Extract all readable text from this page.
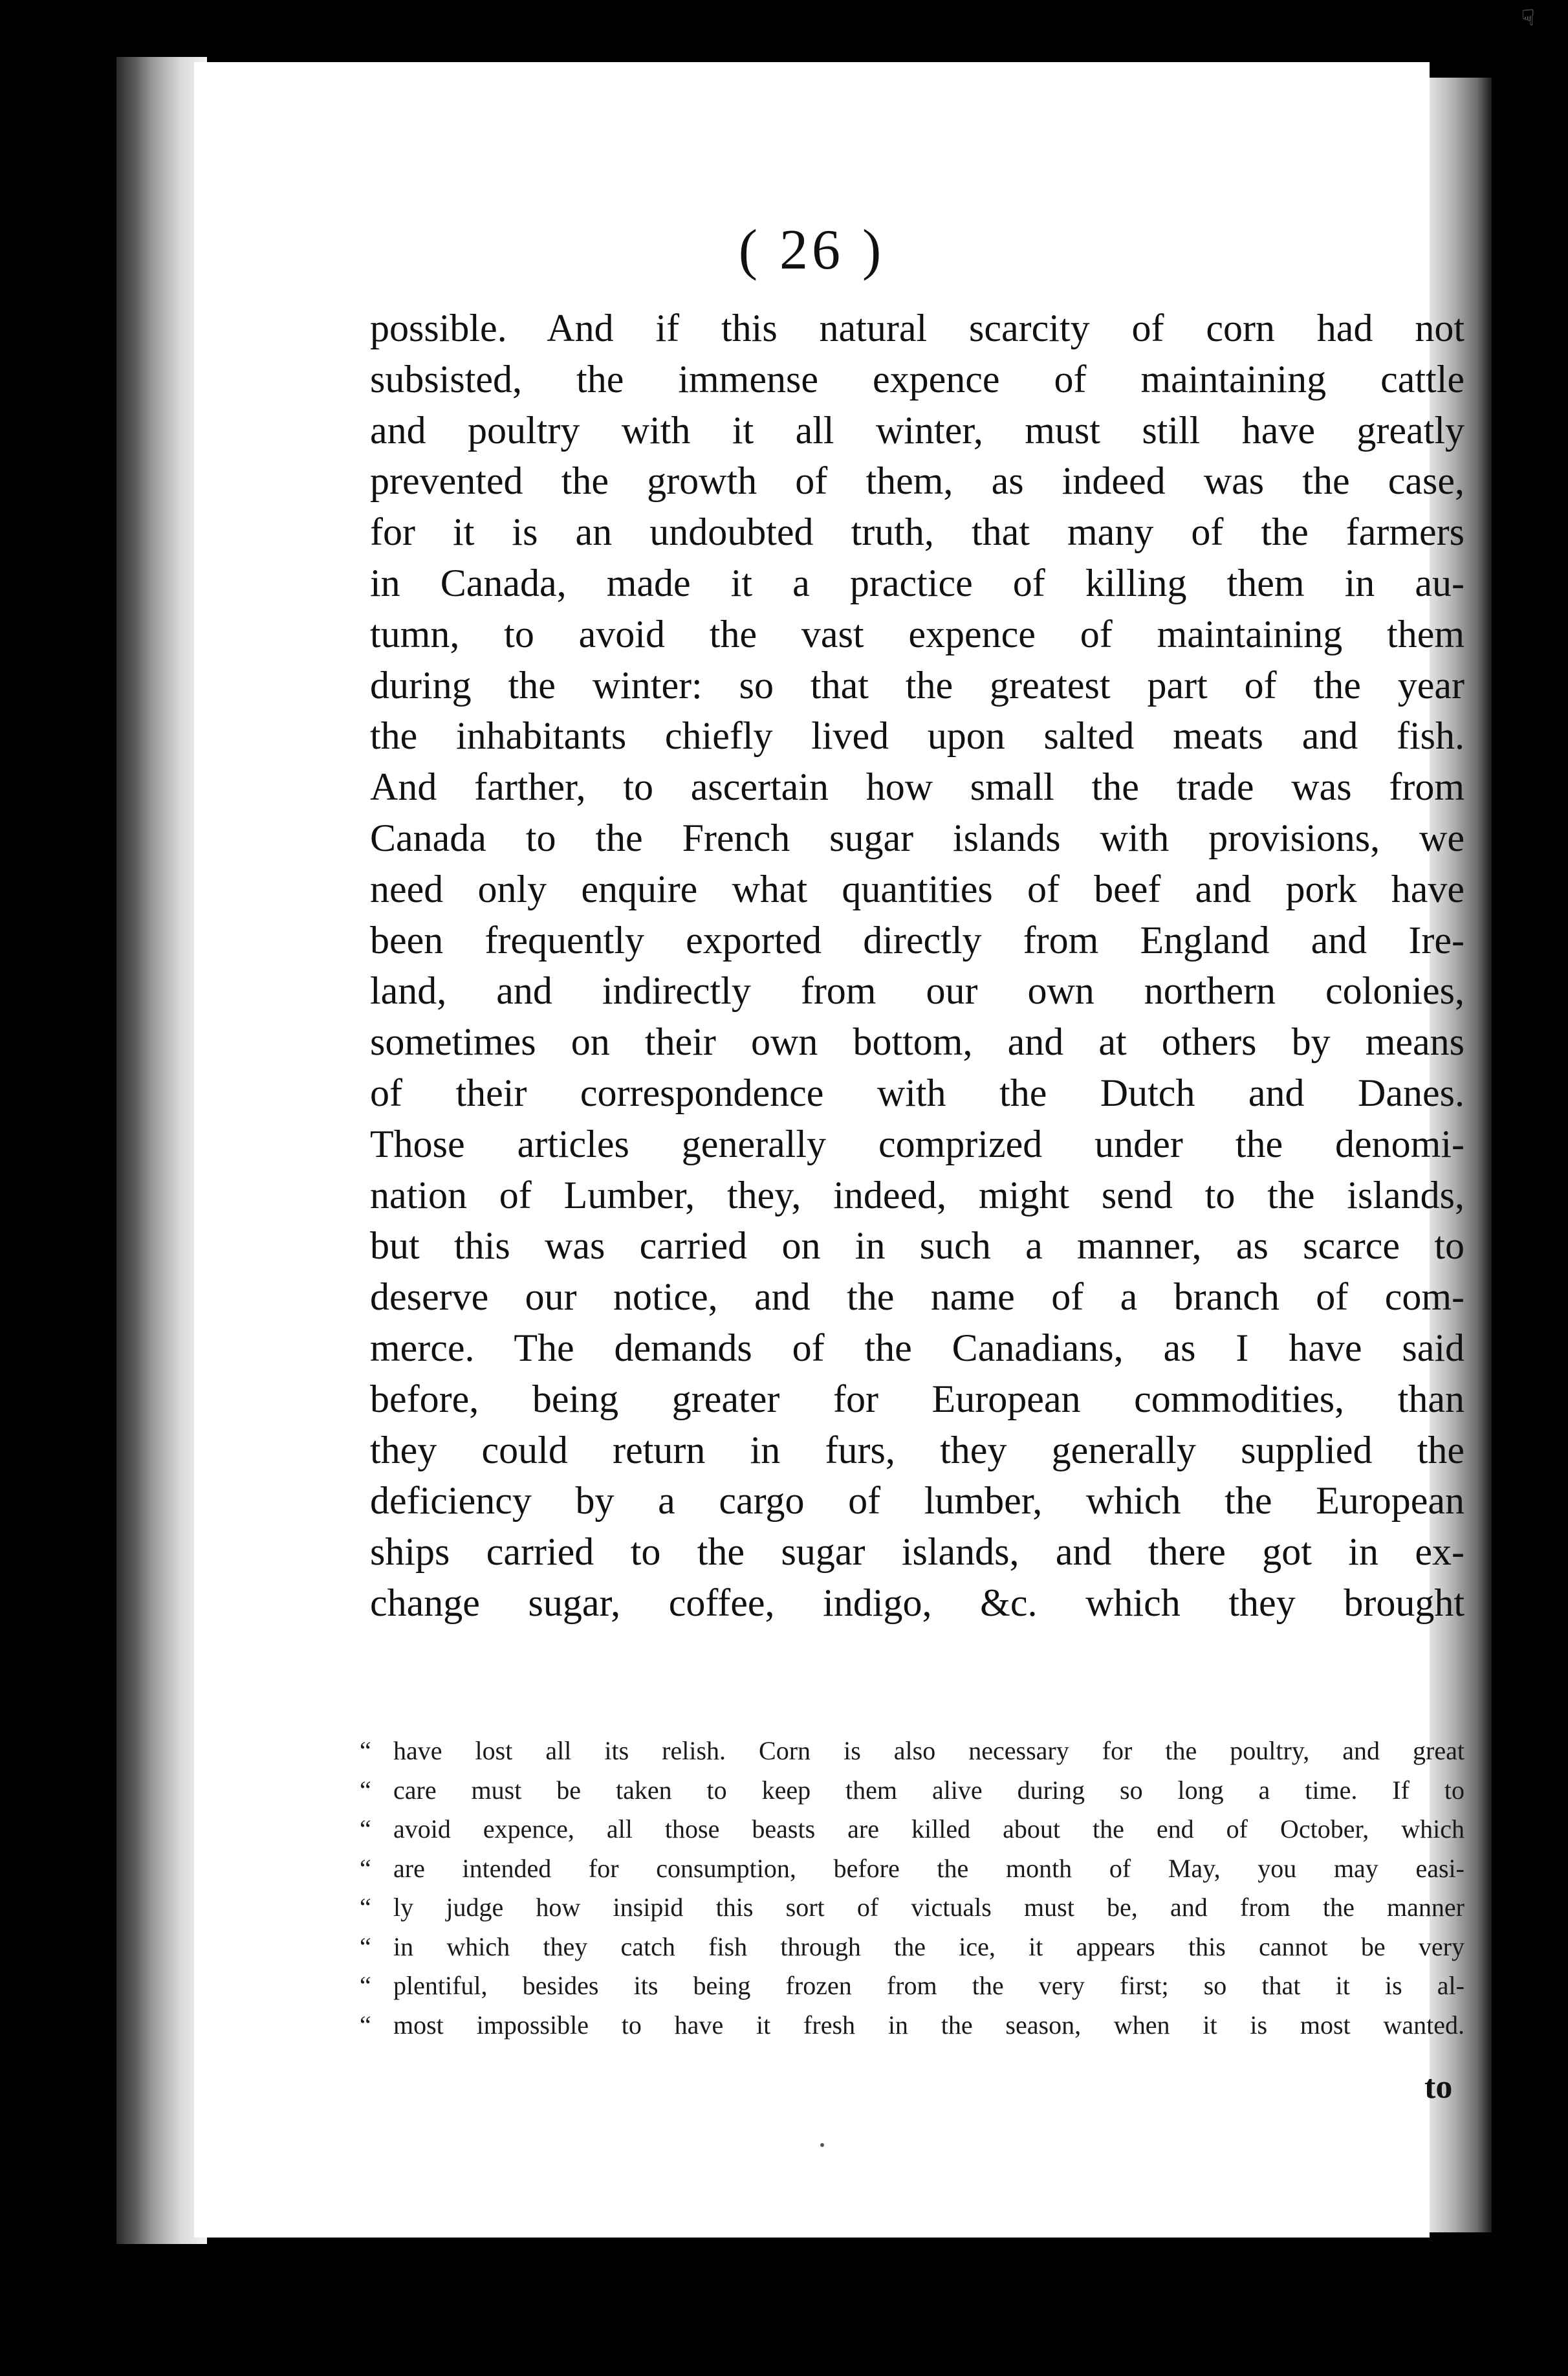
☟
( 26 )
possible. And if this natural scarcity of corn had not
subsisted, the immense expence of maintaining cattle
and poultry with it all winter, must still have greatly
prevented the growth of them, as indeed was the case,
for it is an undoubted truth, that many of the farmers
in Canada, made it a practice of killing them in au-
tumn, to avoid the vast expence of maintaining them
during the winter: so that the greatest part of the year
the inhabitants chiefly lived upon salted meats and fish.
And farther, to ascertain how small the trade was from
Canada to the French sugar islands with provisions, we
need only enquire what quantities of beef and pork have
been frequently exported directly from England and Ire-
land, and indirectly from our own northern colonies,
sometimes on their own bottom, and at others by means
of their correspondence with the Dutch and Danes.
Those articles generally comprized under the denomi-
nation of Lumber, they, indeed, might send to the islands,
but this was carried on in such a manner, as scarce to
deserve our notice, and the name of a branch of com-
merce. The demands of the Canadians, as I have said
before, being greater for European commodities, than
they could return in furs, they generally supplied the
deficiency by a cargo of lumber, which the European
ships carried to the sugar islands, and there got in ex-
change sugar, coffee, indigo, &c. which they brought
“ have lost all its relish. Corn is also necessary for the poultry, and great
“ care must be taken to keep them alive during so long a time. If to
“ avoid expence, all those beasts are killed about the end of October, which
“ are intended for consumption, before the month of May, you may easi-
“ ly judge how insipid this sort of victuals must be, and from the manner
“ in which they catch fish through the ice, it appears this cannot be very
“ plentiful, besides its being frozen from the very first; so that it is al-
“ most impossible to have it fresh in the season, when it is most wanted.
to
